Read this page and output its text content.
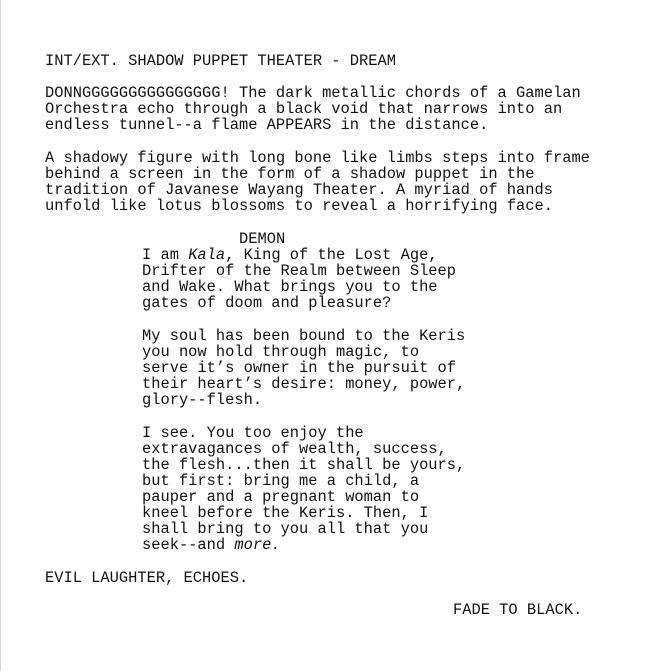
INT/EXT. SHADOW PUPPET THEATER - DREAM
DONNGGGGGGGGGGGGGGG! The dark metallic chords of a Gamelan
Orchestra echo through a black void that narrows into an
endless tunnel--a flame APPEARS in the distance.
A shadowy figure with long bone like limbs steps into frame
behind a screen in the form of a shadow puppet in the
tradition of Javanese Wayang Theater. A myriad of hands
unfold like lotus blossoms to reveal a horrifying face.
DEMON
I am Kala, King of the Lost Age,
Drifter of the Realm between Sleep
and Wake. What brings you to the
gates of doom and pleasure?
My soul has been bound to the Keris
you now hold through magic, to
serve it’s owner in the pursuit of
their heart’s desire: money, power,
glory--flesh.
I see. You too enjoy the
extravagances of wealth, success,
the flesh...then it shall be yours,
but first: bring me a child, a
pauper and a pregnant woman to
kneel before the Keris. Then, I
shall bring to you all that you
seek--and more.
EVIL LAUGHTER, ECHOES.
FADE TO BLACK.
